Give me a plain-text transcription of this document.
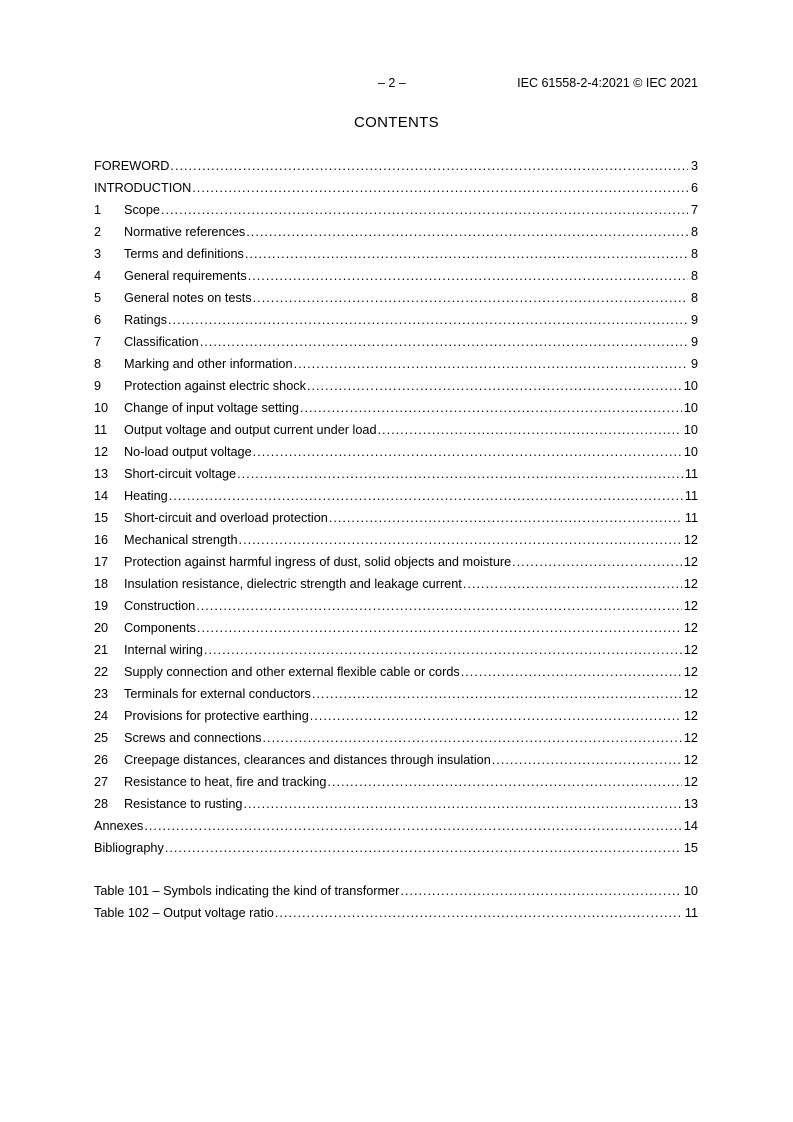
– 2 –	IEC 61558-2-4:2021 © IEC 2021
CONTENTS
FOREWORD .....	3
INTRODUCTION .....	6
1	Scope .....	7
2	Normative references .....	8
3	Terms and definitions .....	8
4	General requirements .....	8
5	General notes on tests .....	8
6	Ratings .....	9
7	Classification .....	9
8	Marking and other information .....	9
9	Protection against electric shock .....	10
10	Change of input voltage setting .....	10
11	Output voltage and output current under load .....	10
12	No-load output voltage .....	10
13	Short-circuit voltage .....	11
14	Heating .....	11
15	Short-circuit and overload protection .....	11
16	Mechanical strength .....	12
17	Protection against harmful ingress of dust, solid objects and moisture .....	12
18	Insulation resistance, dielectric strength and leakage current .....	12
19	Construction .....	12
20	Components .....	12
21	Internal wiring .....	12
22	Supply connection and other external flexible cable or cords .....	12
23	Terminals for external conductors .....	12
24	Provisions for protective earthing .....	12
25	Screws and connections .....	12
26	Creepage distances, clearances and distances through insulation .....	12
27	Resistance to heat, fire and tracking .....	12
28	Resistance to rusting .....	13
Annexes .....	14
Bibliography .....	15
Table 101 – Symbols indicating the kind of transformer .....	10
Table 102 – Output voltage ratio .....	11
